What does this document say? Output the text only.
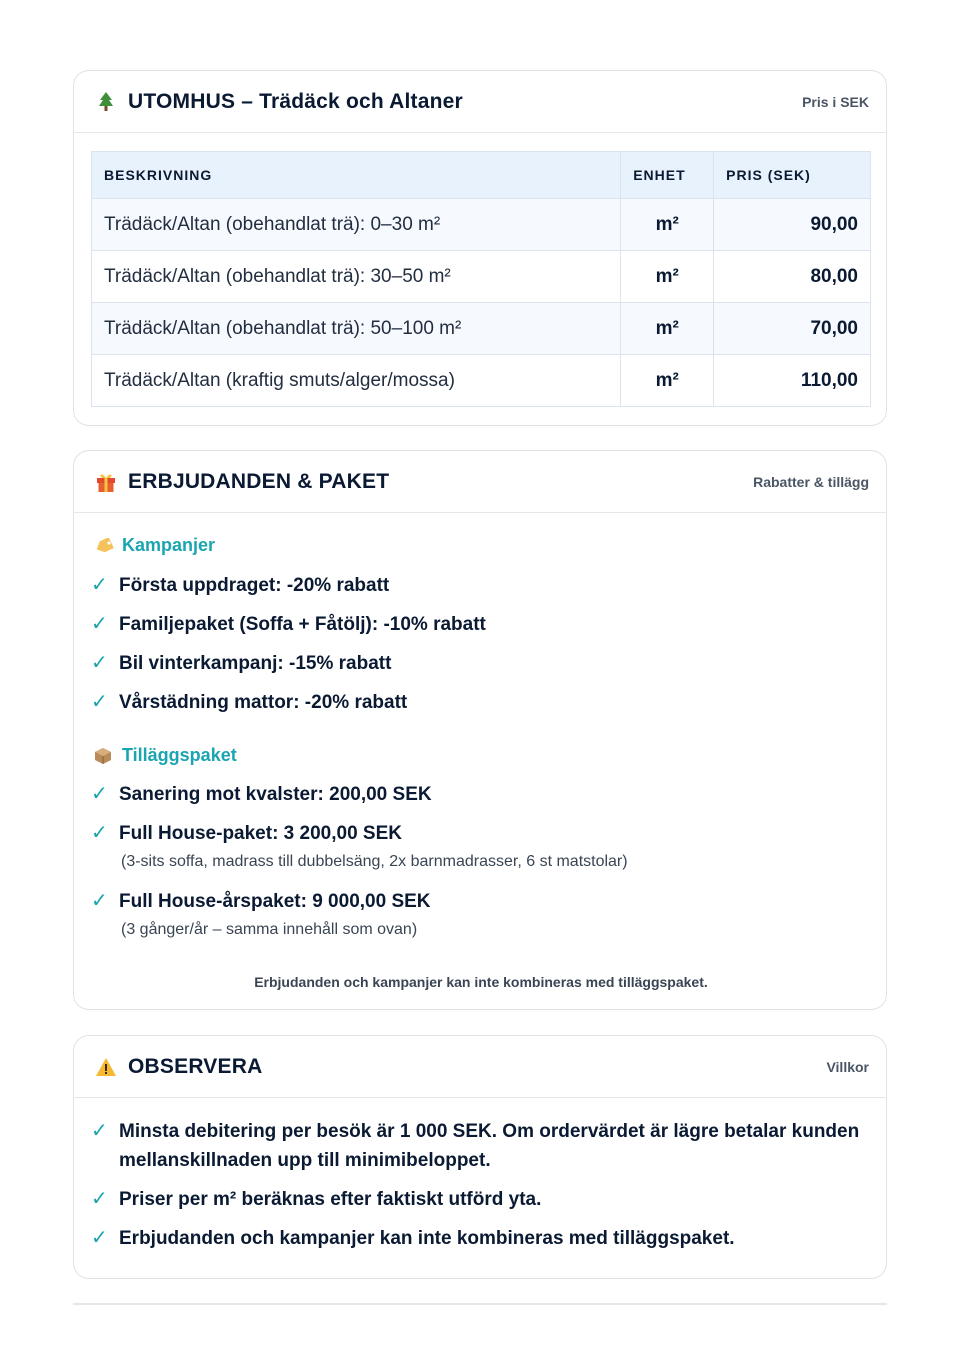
UTOMHUS – Trädäck och Altaner	Pris i SEK
BESKRIVNING	ENHET	PRIS (SEK)
Trädäck/Altan (obehandlat trä): 0–30 m²	m²	90,00
Trädäck/Altan (obehandlat trä): 30–50 m²	m²	80,00
Trädäck/Altan (obehandlat trä): 50–100 m²	m²	70,00
Trädäck/Altan (kraftig smuts/alger/mossa)	m²	110,00
ERBJUDANDEN & PAKET	Rabatter & tillägg
Kampanjer
✓ Första uppdraget: -20% rabatt
✓ Familjepaket (Soffa + Fåtölj): -10% rabatt
✓ Bil vinterkampanj: -15% rabatt
✓ Vårstädning mattor: -20% rabatt
Tilläggspaket
✓ Sanering mot kvalster: 200,00 SEK
✓ Full House-paket: 3 200,00 SEK
(3-sits soffa, madrass till dubbelsäng, 2x barnmadrasser, 6 st matstolar)
✓ Full House-årspaket: 9 000,00 SEK
(3 gånger/år – samma innehåll som ovan)
Erbjudanden och kampanjer kan inte kombineras med tilläggspaket.
OBSERVERA	Villkor
✓ Minsta debitering per besök är 1 000 SEK. Om ordervärdet är lägre betalar kunden mellanskillnaden upp till minimibeloppet.
✓ Priser per m² beräknas efter faktiskt utförd yta.
✓ Erbjudanden och kampanjer kan inte kombineras med tilläggspaket.
